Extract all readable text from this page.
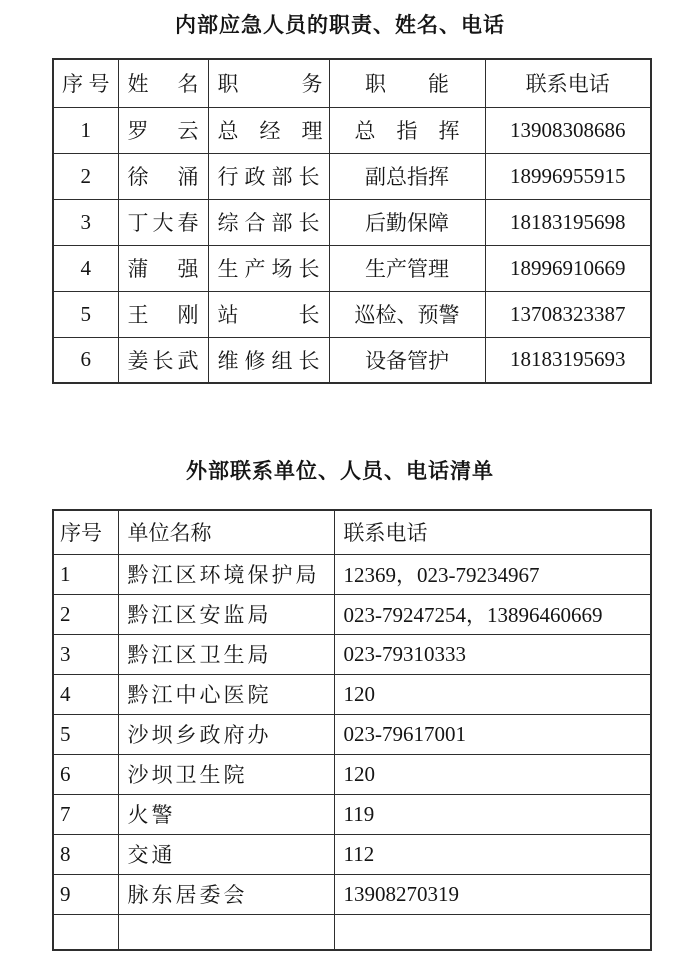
内部应急人员的职责、姓名、电话
序号	姓　名	职　　　务	职　　能	联系电话
1	罗　云	总　经　理	总　指　挥	13908308686
2	徐　涌	行政部长	副总指挥	18996955915
3	丁大春	综合部长	后勤保障	18183195698
4	蒲　强	生产场长	生产管理	18996910669
5	王　刚	站　　长	巡检、预警	13708323387
6	姜长武	维修组长	设备管护	18183195693
外部联系单位、人员、电话清单
序号	单位名称	联系电话
1	黔江区环境保护局	12369，023-79234967
2	黔江区安监局	023-79247254，13896460669
3	黔江区卫生局	023-79310333
4	黔江中心医院	120
5	沙坝乡政府办	023-79617001
6	沙坝卫生院	120
7	火警	119
8	交通	112
9	脉东居委会	13908270319
